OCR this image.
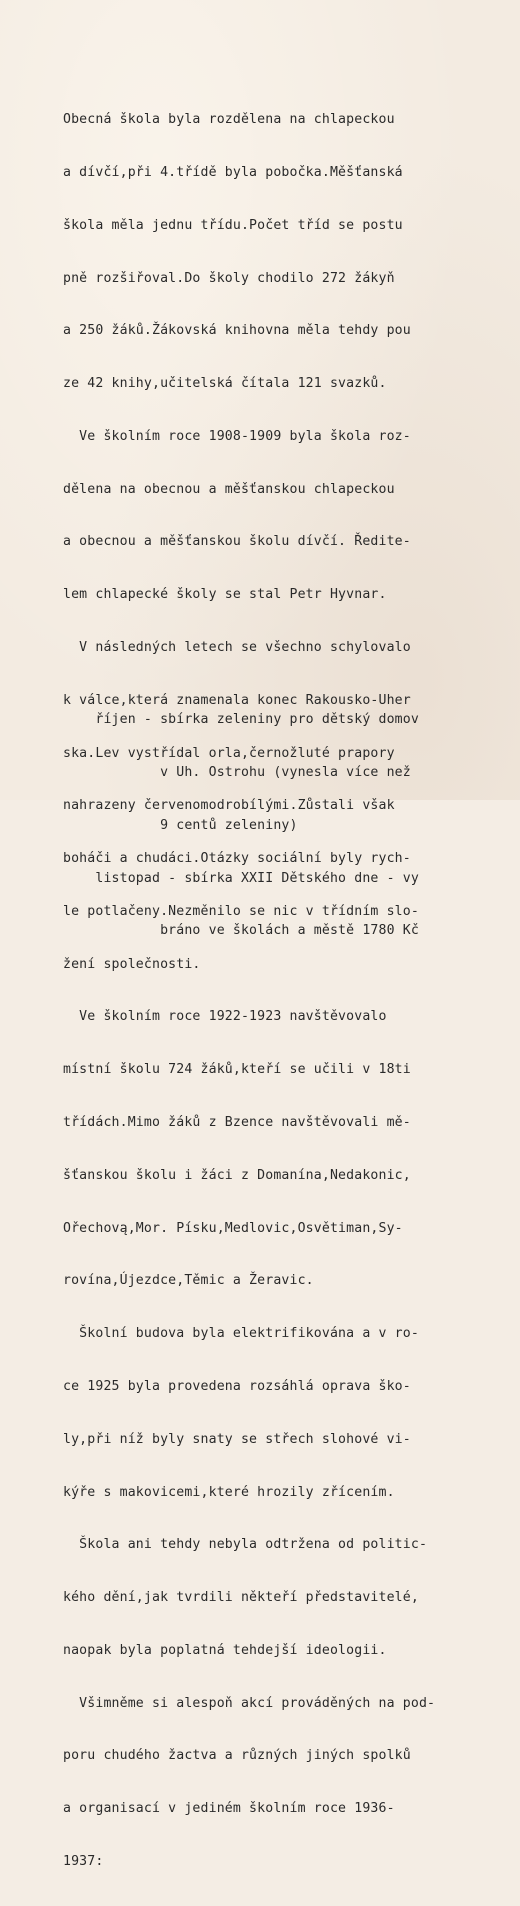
Obecná škola byla rozdělena na chlapeckou

a dívčí,při 4.třídě byla pobočka.Měšťanská

škola měla jednu třídu.Počet tříd se postu

pně rozšiřoval.Do školy chodilo 272 žákyň

a 250 žáků.Žákovská knihovna měla tehdy pou

ze 42 knihy,učitelská čítala 121 svazků.

Ve školním roce 1908-1909 byla škola roz-

dělena na obecnou a měšťanskou chlapeckou

a obecnou a měšťanskou školu dívčí. Ředite-

lem chlapecké školy se stal Petr Hyvnar.

V následných letech se všechno schylovalo

k válce,která znamenala konec Rakousko-Uher

ska.Lev vystřídal orla,černožluté prapory

nahrazeny červenomodrobílými.Zůstali však

boháči a chudáci.Otázky sociální byly rych-

le potlačeny.Nezměnilo se nic v třídním slo-

žení společnosti.

Ve školním roce 1922-1923 navštěvovalo

místní školu 724 žáků,kteří se učili v 18ti

třídách.Mimo žáků z Bzence navštěvovali mě-

šťanskou školu i žáci z Domanína,Nedakonic,

Ořechovą,Mor. Písku,Medlovic,Osvětiman,Sy-

rovína,Újezdce,Těmic a Žeravic.

Školní budova byla elektrifikována a v ro-

ce 1925 byla provedena rozsáhlá oprava ško-

ly,při níž byly snaty se střech slohové vi-

kýře s makovicemi,které hrozily zřícením.

Škola ani tehdy nebyla odtržena od politic-

kého dění,jak tvrdili někteří představitelé,

naopak byla poplatná tehdejší ideologii.

Všimněme si alespoň akcí prováděných na pod-

poru chudého žactva a různých jiných spolků

a organisací v jediném školním roce 1936-

1937:

říjen - sbírka zeleniny pro dětský domov

v Uh. Ostrohu (vynesla více než

9 centů zeleniny)

listopad - sbírka XXII Dětského dne - vy

bráno ve školách a městě 1780 Kč
